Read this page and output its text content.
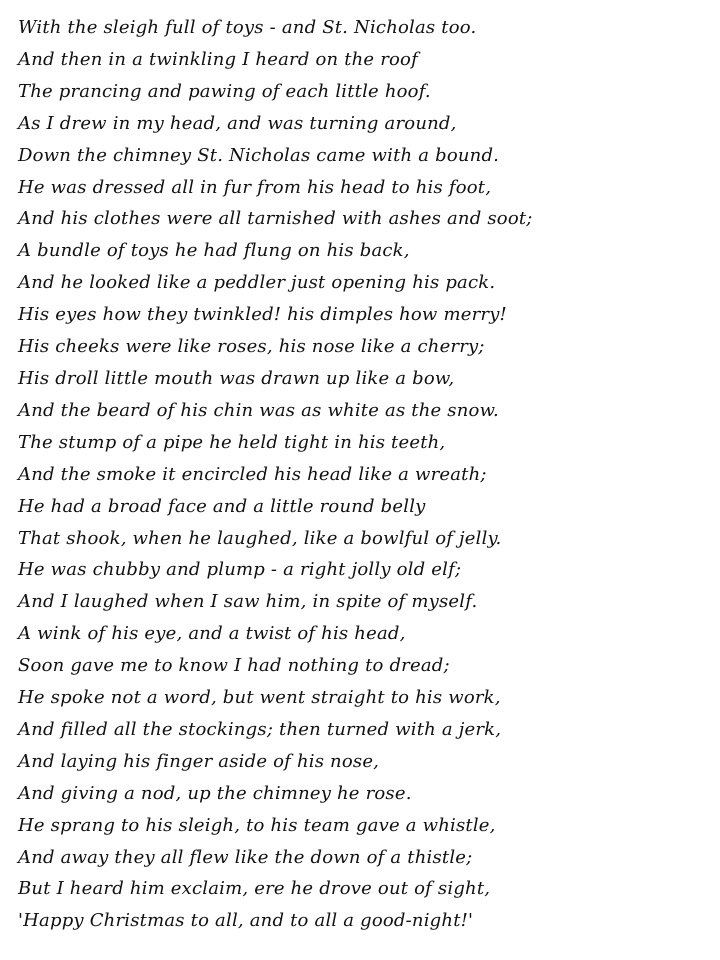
With the sleigh full of toys - and St. Nicholas too.
And then in a twinkling I heard on the roof
The prancing and pawing of each little hoof.
As I drew in my head, and was turning around,
Down the chimney St. Nicholas came with a bound.
He was dressed all in fur from his head to his foot,
And his clothes were all tarnished with ashes and soot;
A bundle of toys he had flung on his back,
And he looked like a peddler just opening his pack.
His eyes how they twinkled! his dimples how merry!
His cheeks were like roses, his nose like a cherry;
His droll little mouth was drawn up like a bow,
And the beard of his chin was as white as the snow.
The stump of a pipe he held tight in his teeth,
And the smoke it encircled his head like a wreath;
He had a broad face and a little round belly
That shook, when he laughed, like a bowlful of jelly.
He was chubby and plump - a right jolly old elf;
And I laughed when I saw him, in spite of myself.
A wink of his eye, and a twist of his head,
Soon gave me to know I had nothing to dread;
He spoke not a word, but went straight to his work,
And filled all the stockings; then turned with a jerk,
And laying his finger aside of his nose,
And giving a nod, up the chimney he rose.
He sprang to his sleigh, to his team gave a whistle,
And away they all flew like the down of a thistle;
But I heard him exclaim, ere he drove out of sight,
'Happy Christmas to all, and to all a good-night!'
